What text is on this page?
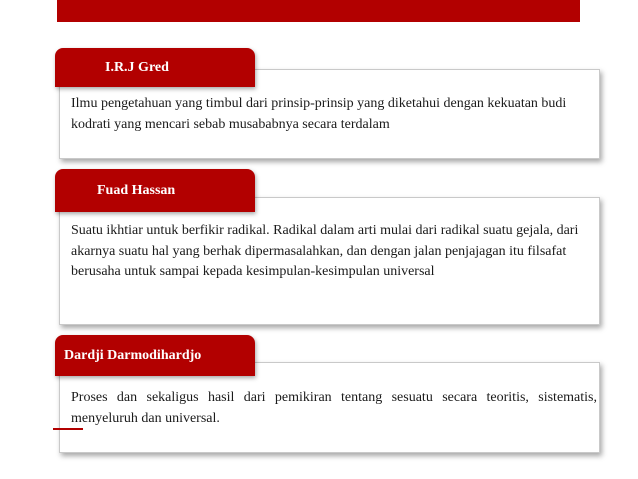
Ilmu pengetahuan yang timbul dari prinsip-prinsip yang diketahui dengan kekuatan budi kodrati yang mencari sebab musababnya secara terdalam
I.R.J Gred
Suatu ikhtiar untuk berfikir radikal. Radikal dalam arti mulai dari radikal suatu gejala, dari akarnya suatu hal yang berhak dipermasalahkan, dan dengan jalan penjajagan itu filsafat berusaha untuk sampai kepada kesimpulan-kesimpulan universal
Fuad Hassan
Proses dan sekaligus hasil dari pemikiran tentang sesuatu secara teoritis, sistematis, menyeluruh dan universal.
Dardji Darmodihardjo
